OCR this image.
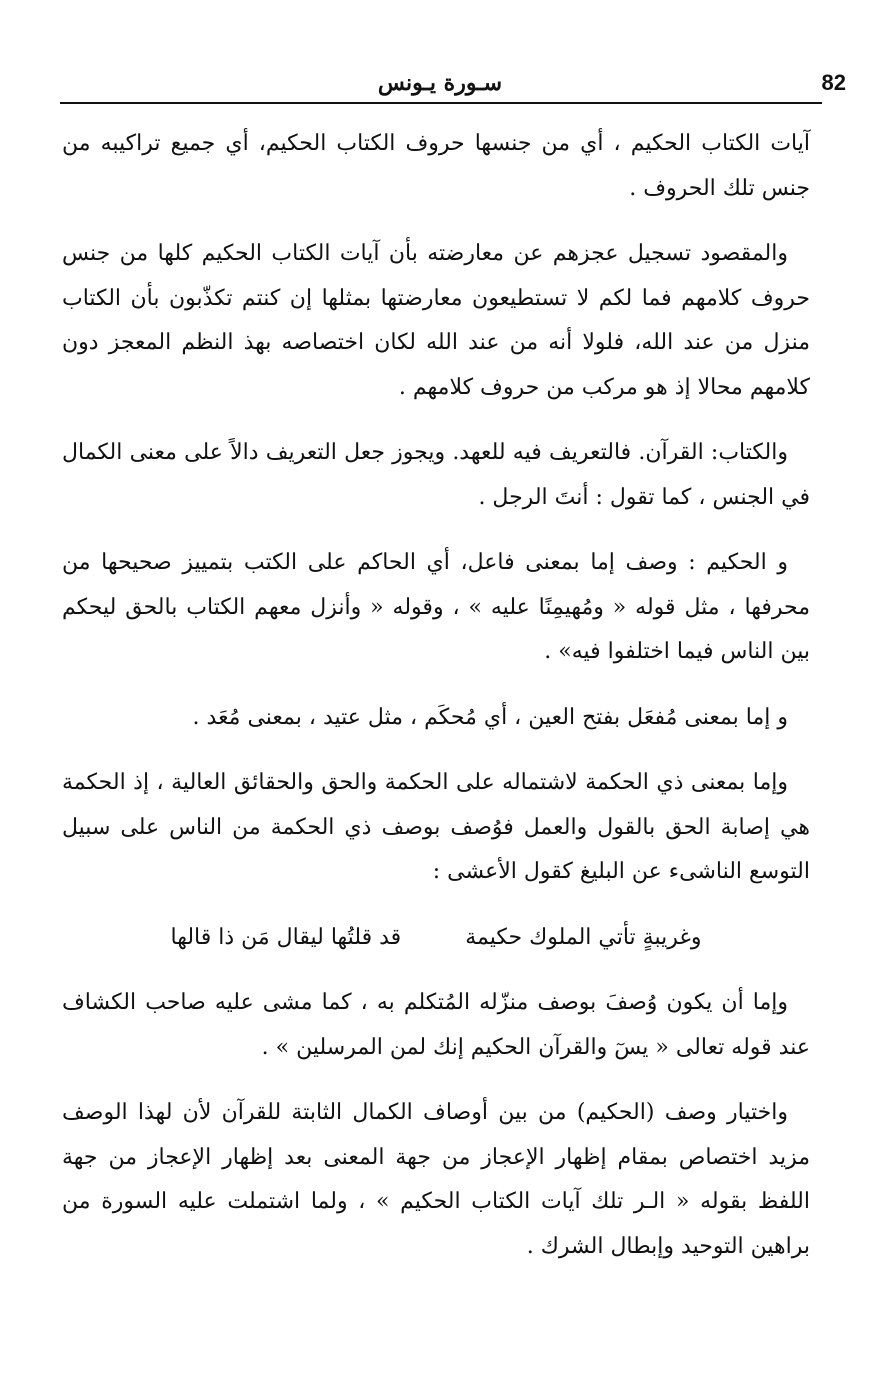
82
سـورة يـونس

آيات الكتاب الحكيم ، أي من جنسها حروف الكتاب الحكيم، أي جميع تراكيبه من جنس تلك الحروف .

والمقصود تسجيل عجزهم عن معارضته بأن آيات الكتاب الحكيم كلها من جنس حروف كلامهم فما لكم لا تستطيعون معارضتها بمثلها إن كنتم تكذّبون بأن الكتاب منزل من عند الله، فلولا أنه من عند الله لكان اختصاصه بهذ النظم المعجز دون كلامهم محالا إذ هو مركب من حروف كلامهم .

والكتاب: القرآن. فالتعريف فيه للعهد. ويجوز جعل التعريف دالاً على معنى الكمال في الجنس ، كما تقول : أنتَ الرجل .

و الحكيم : وصف إما بمعنى فاعل، أي الحاكم على الكتب بتمييز صحيحها من محرفها ، مثل قوله « ومُهيمِنًا عليه » ، وقوله « وأنزل معهم الكتاب بالحق ليحكم بين الناس فيما اختلفوا فيه» .

و إما بمعنى مُفعَل بفتح العين ، أي مُحكَم ، مثل عتيد ، بمعنى مُعَد .

وإما بمعنى ذي الحكمة لاشتماله على الحكمة والحق والحقائق العالية ، إذ الحكمة هي إصابة الحق بالقول والعمل فوُصف بوصف ذي الحكمة من الناس على سبيل التوسع الناشىء عن البليغ كقول الأعشى :

وغريبةٍ تأتي الملوك حكيمة
قد قلتُها ليقال مَن ذا قالها

وإما أن يكون وُصفَ بوصف منزّله المُتكلم به ، كما مشى عليه صاحب الكشاف عند قوله تعالى « يسٓ والقرآن الحكيم إنك لمن المرسلين » .

واختيار وصف (الحكيم) من بين أوصاف الكمال الثابتة للقرآن لأن لهذا الوصف مزيد اختصاص بمقام إظهار الإعجاز من جهة المعنى بعد إظهار الإعجاز من جهة اللفظ بقوله « الـر تلك آيات الكتاب الحكيم » ، ولما اشتملت عليه السورة من براهين التوحيد وإبطال الشرك .
